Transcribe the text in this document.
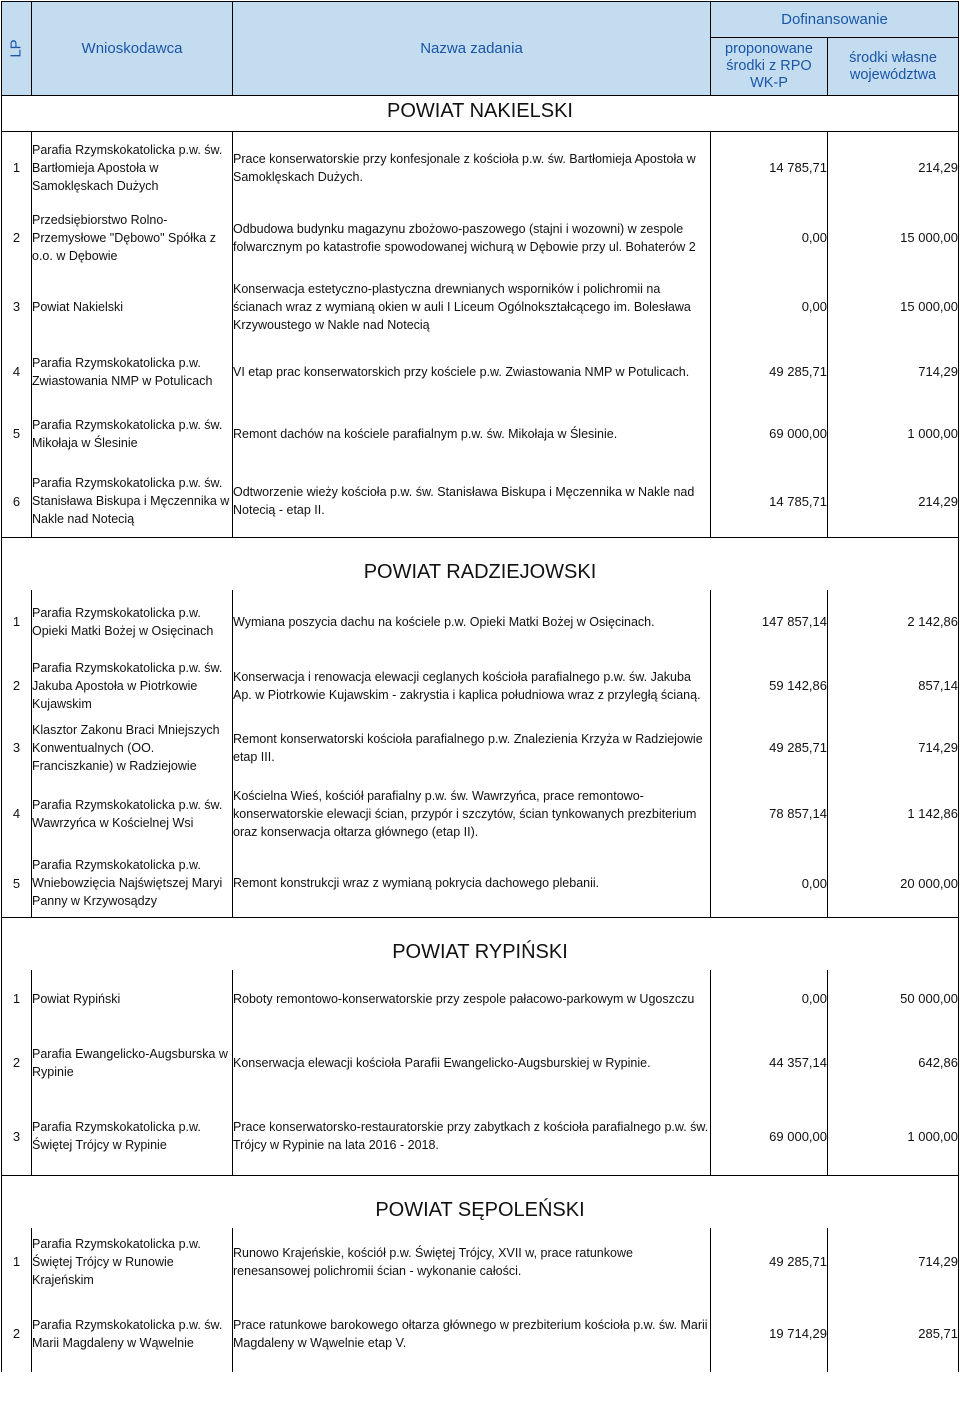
LP	Wnioskodawca	Nazwa zadania	Dofinansowanie	
			proponowane środki z RPO WK-P	środki własne województwa
POWIAT NAKIELSKI				
1	Parafia Rzymskokatolicka p.w. św. Bartłomieja Apostoła w Samoklęskach Dużych	Prace konserwatorskie przy konfesjonale z kościoła p.w. św. Bartłomieja Apostoła w Samoklęskach Dużych.	14 785,71	214,29
2	Przedsiębiorstwo Rolno-Przemysłowe "Dębowo" Spółka z o.o. w Dębowie	Odbudowa budynku magazynu zbożowo-paszowego (stajni i wozowni) w zespole folwarcznym po katastrofie spowodowanej wichurą w Dębowie przy ul. Bohaterów 2	0,00	15 000,00
3	Powiat Nakielski	Konserwacja estetyczno-plastyczna drewnianych wsporników i polichromii na ścianach wraz z wymianą okien w auli I Liceum Ogólnokształcącego im. Bolesława Krzywoustego w Nakle nad Notecią	0,00	15 000,00
4	Parafia Rzymskokatolicka p.w. Zwiastowania NMP w Potulicach	VI etap prac konserwatorskich przy kościele p.w. Zwiastowania NMP w Potulicach.	49 285,71	714,29
5	Parafia Rzymskokatolicka p.w. św. Mikołaja w Ślesinie	Remont dachów na kościele parafialnym p.w. św. Mikołaja w Ślesinie.	69 000,00	1 000,00
6	Parafia Rzymskokatolicka p.w. św. Stanisława Biskupa i Męczennika w Nakle nad Notecią	Odtworzenie wieży kościoła p.w. św. Stanisława Biskupa i Męczennika w Nakle nad Notecią - etap II.	14 785,71	214,29
POWIAT RADZIEJOWSKI				
1	Parafia Rzymskokatolicka p.w. Opieki Matki Bożej w Osięcinach	Wymiana poszycia dachu na kościele p.w. Opieki Matki Bożej w Osięcinach.	147 857,14	2 142,86
2	Parafia Rzymskokatolicka p.w. św. Jakuba Apostoła w Piotrkowie Kujawskim	Konserwacja i renowacja elewacji ceglanych kościoła parafialnego p.w. św. Jakuba Ap. w Piotrkowie Kujawskim - zakrystia i kaplica południowa wraz z przyległą ścianą.	59 142,86	857,14
3	Klasztor Zakonu Braci Mniejszych Konwentualnych (OO. Franciszkanie) w Radziejowie	Remont konserwatorski kościoła parafialnego p.w. Znalezienia Krzyża w Radziejowie etap III.	49 285,71	714,29
4	Parafia Rzymskokatolicka p.w. św. Wawrzyńca w Kościelnej Wsi	Kościelna Wieś, kościół parafialny p.w. św. Wawrzyńca, prace remontowo-konserwatorskie elewacji ścian, przypór i szczytów, ścian tynkowanych prezbiterium oraz konserwacja ołtarza głównego (etap II).	78 857,14	1 142,86
5	Parafia Rzymskokatolicka p.w. Wniebowzięcia Najświętszej Maryi Panny w Krzywosądzy	Remont konstrukcji wraz z wymianą pokrycia dachowego plebanii.	0,00	20 000,00
POWIAT RYPIŃSKI				
1	Powiat Rypiński	Roboty remontowo-konserwatorskie przy zespole pałacowo-parkowym w Ugoszczu	0,00	50 000,00
2	Parafia Ewangelicko-Augsburska w Rypinie	Konserwacja elewacji kościoła Parafii Ewangelicko-Augsburskiej w Rypinie.	44 357,14	642,86
3	Parafia Rzymskokatolicka p.w. Świętej Trójcy w Rypinie	Prace konserwatorsko-restauratorskie przy zabytkach z kościoła parafialnego p.w. św. Trójcy w Rypinie na lata 2016 - 2018.	69 000,00	1 000,00
POWIAT SĘPOLEŃSKI				
1	Parafia Rzymskokatolicka p.w. Świętej Trójcy w Runowie Krajeńskim	Runowo Krajeńskie, kościół p.w. Świętej Trójcy, XVII w, prace ratunkowe renesansowej polichromii ścian - wykonanie całości.	49 285,71	714,29
2	Parafia Rzymskokatolicka p.w. św. Marii Magdaleny w Wąwelnie	Prace ratunkowe barokowego ołtarza głównego w prezbiterium kościoła p.w. św. Marii Magdaleny w Wąwelnie etap V.	19 714,29	285,71
